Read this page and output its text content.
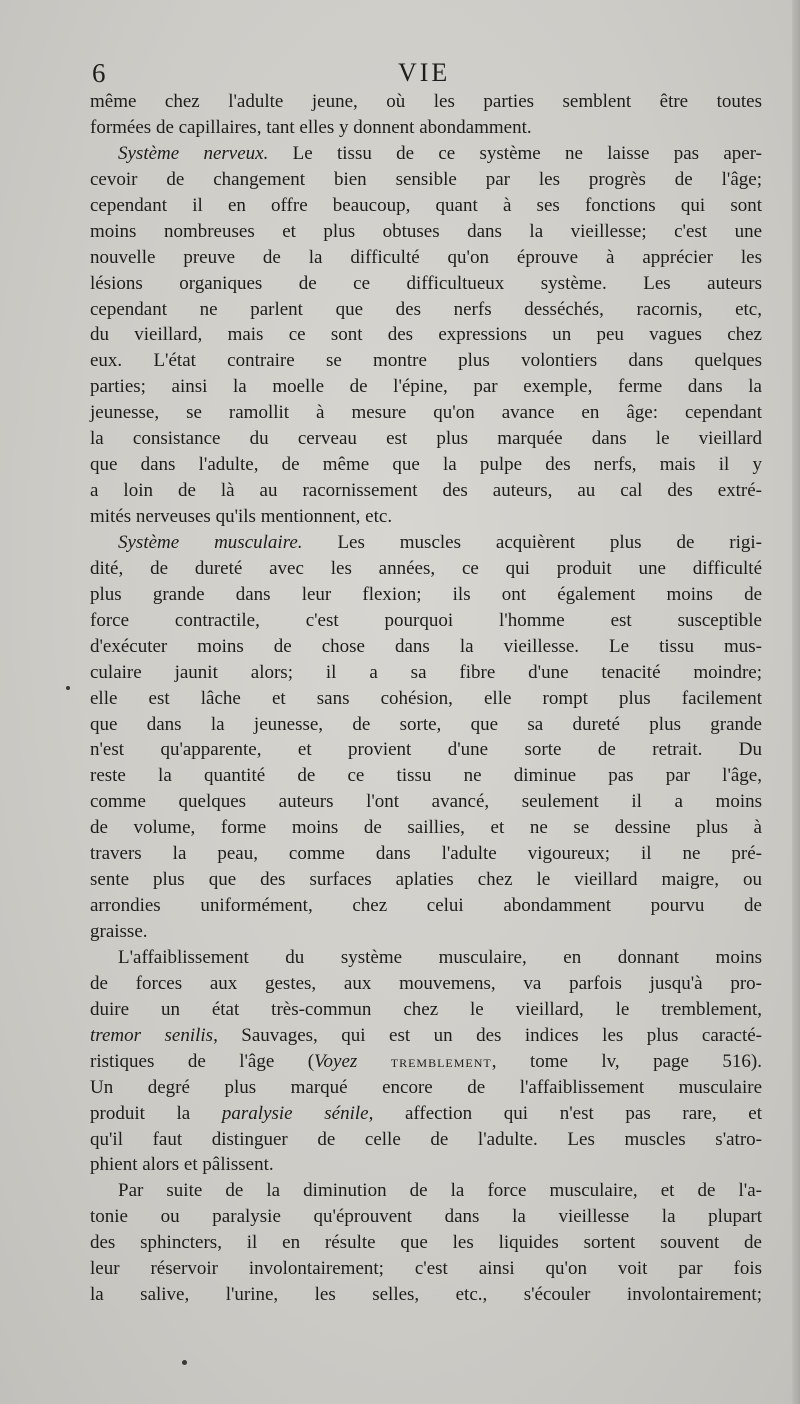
6	VIE
même chez l'adulte jeune, où les parties semblent être toutes
formées de capillaires, tant elles y donnent abondamment.
Système nerveux. Le tissu de ce système ne laisse pas aper-
cevoir de changement bien sensible par les progrès de l'âge;
cependant il en offre beaucoup, quant à ses fonctions qui sont
moins nombreuses et plus obtuses dans la vieillesse; c'est une
nouvelle preuve de la difficulté qu'on éprouve à apprécier les
lésions organiques de ce difficultueux système. Les auteurs
cependant ne parlent que des nerfs desséchés, racornis, etc,
du vieillard, mais ce sont des expressions un peu vagues chez
eux. L'état contraire se montre plus volontiers dans quelques
parties; ainsi la moelle de l'épine, par exemple, ferme dans la
jeunesse, se ramollit à mesure qu'on avance en âge: cependant
la consistance du cerveau est plus marquée dans le vieillard
que dans l'adulte, de même que la pulpe des nerfs, mais il y
a loin de là au racornissement des auteurs, au cal des extré-
mités nerveuses qu'ils mentionnent, etc.
Système musculaire. Les muscles acquièrent plus de rigi-
dité, de dureté avec les années, ce qui produit une difficulté
plus grande dans leur flexion; ils ont également moins de
force contractile, c'est pourquoi l'homme est susceptible
d'exécuter moins de chose dans la vieillesse. Le tissu mus-
culaire jaunit alors; il a sa fibre d'une tenacité moindre;
elle est lâche et sans cohésion, elle rompt plus facilement
que dans la jeunesse, de sorte, que sa dureté plus grande
n'est qu'apparente, et provient d'une sorte de retrait. Du
reste la quantité de ce tissu ne diminue pas par l'âge,
comme quelques auteurs l'ont avancé, seulement il a moins
de volume, forme moins de saillies, et ne se dessine plus à
travers la peau, comme dans l'adulte vigoureux; il ne pré-
sente plus que des surfaces aplaties chez le vieillard maigre, ou
arrondies uniformément, chez celui abondamment pourvu de
graisse.
L'affaiblissement du système musculaire, en donnant moins
de forces aux gestes, aux mouvemens, va parfois jusqu'à pro-
duire un état très-commun chez le vieillard, le tremblement,
tremor senilis, Sauvages, qui est un des indices les plus caracté-
ristiques de l'âge (Voyez tremblement, tome lv, page 516).
Un degré plus marqué encore de l'affaiblissement musculaire
produit la paralysie sénile, affection qui n'est pas rare, et
qu'il faut distinguer de celle de l'adulte. Les muscles s'atro-
phient alors et pâlissent.
Par suite de la diminution de la force musculaire, et de l'a-
tonie ou paralysie qu'éprouvent dans la vieillesse la plupart
des sphincters, il en résulte que les liquides sortent souvent de
leur réservoir involontairement; c'est ainsi qu'on voit par fois
la salive, l'urine, les selles, etc., s'écouler involontairement;
